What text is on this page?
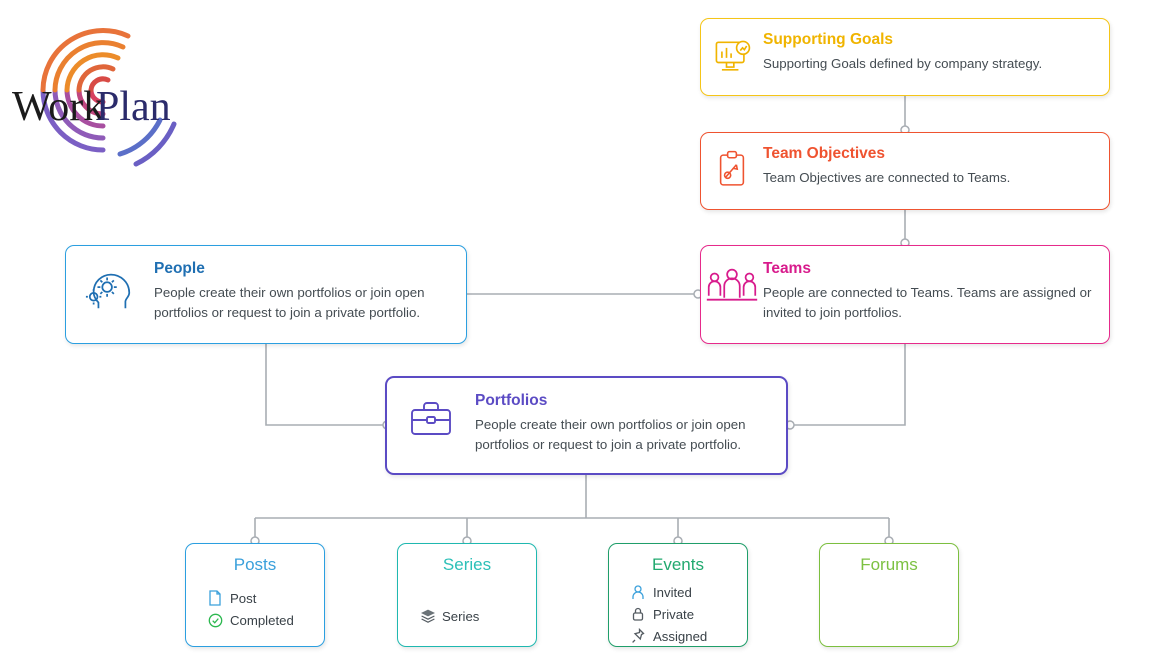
Work
Plan

Supporting Goals

Supporting Goals defined by company strategy.

Team Objectives

Team Objectives are connected to Teams.

Teams

People are connected to Teams. Teams are assigned or invited to join portfolios.

People

People create their own portfolios or join open portfolios or request to join a private portfolio.

Portfolios

People create their own portfolios or join open portfolios or request to join a private portfolio.

Posts
Post
Completed
Series
Series
Events
Invited
Private
Assigned
Forums
